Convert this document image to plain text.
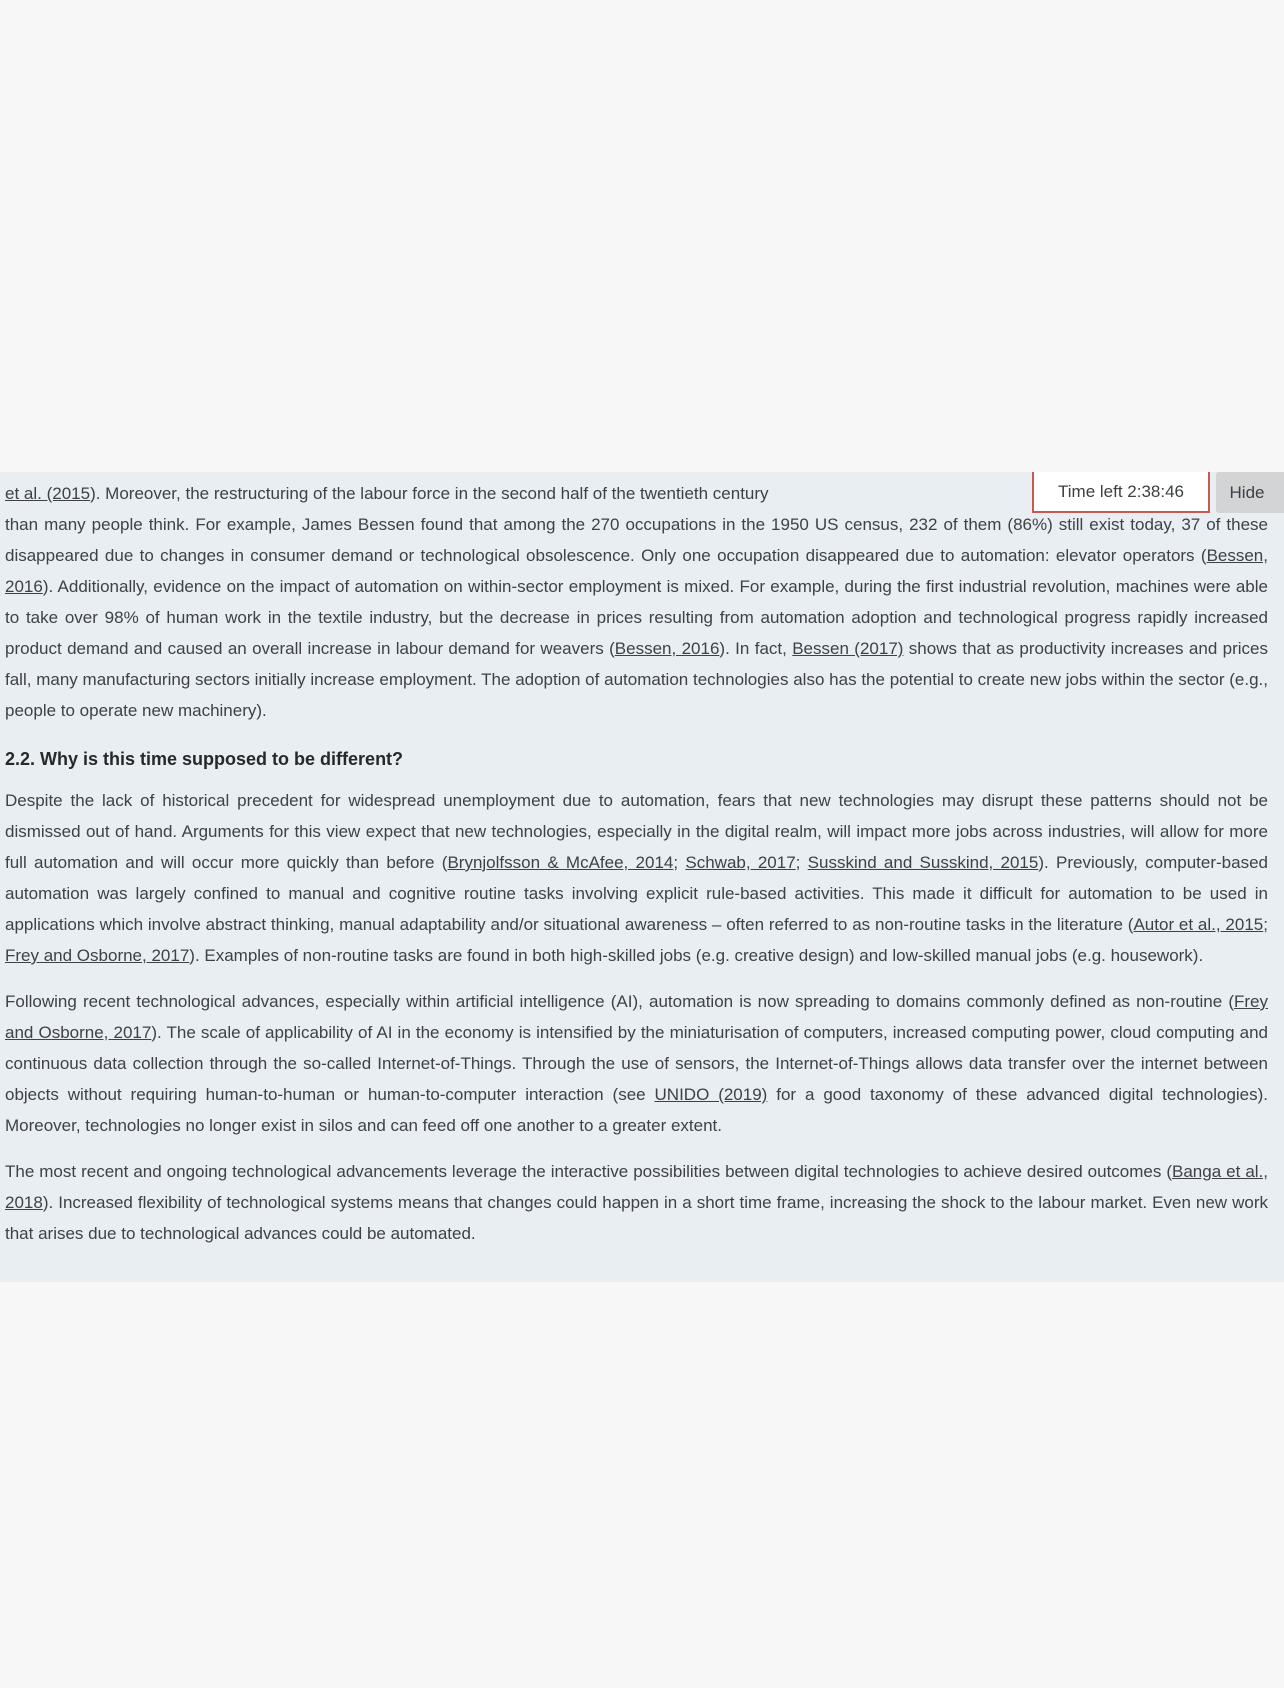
et al. (2015). Moreover, the restructuring of the labour force in the second half of the twentieth century

than many people think. For example, James Bessen found that among the 270 occupations in the 1950 US census, 232 of them (86%) still exist today, 37 of these disappeared due to changes in consumer demand or technological obsolescence. Only one occupation disappeared due to automation: elevator operators (Bessen, 2016). Additionally, evidence on the impact of automation on within-sector employment is mixed. For example, during the first industrial revolution, machines were able to take over 98% of human work in the textile industry, but the decrease in prices resulting from automation adoption and technological progress rapidly increased product demand and caused an overall increase in labour demand for weavers (Bessen, 2016). In fact, Bessen (2017) shows that as productivity increases and prices fall, many manufacturing sectors initially increase employment. The adoption of automation technologies also has the potential to create new jobs within the sector (e.g., people to operate new machinery).

2.2. Why is this time supposed to be different?

Despite the lack of historical precedent for widespread unemployment due to automation, fears that new technologies may disrupt these patterns should not be dismissed out of hand. Arguments for this view expect that new technologies, especially in the digital realm, will impact more jobs across industries, will allow for more full automation and will occur more quickly than before (Brynjolfsson & McAfee, 2014; Schwab, 2017; Susskind and Susskind, 2015). Previously, computer-based automation was largely confined to manual and cognitive routine tasks involving explicit rule-based activities. This made it difficult for automation to be used in applications which involve abstract thinking, manual adaptability and/or situational awareness – often referred to as non-routine tasks in the literature (Autor et al., 2015; Frey and Osborne, 2017). Examples of non-routine tasks are found in both high-skilled jobs (e.g. creative design) and low-skilled manual jobs (e.g. housework).

Following recent technological advances, especially within artificial intelligence (AI), automation is now spreading to domains commonly defined as non-routine (Frey and Osborne, 2017). The scale of applicability of AI in the economy is intensified by the miniaturisation of computers, increased computing power, cloud computing and continuous data collection through the so-called Internet-of-Things. Through the use of sensors, the Internet-of-Things allows data transfer over the internet between objects without requiring human-to-human or human-to-computer interaction (see UNIDO (2019) for a good taxonomy of these advanced digital technologies). Moreover, technologies no longer exist in silos and can feed off one another to a greater extent.

The most recent and ongoing technological advancements leverage the interactive possibilities between digital technologies to achieve desired outcomes (Banga et al., 2018). Increased flexibility of technological systems means that changes could happen in a short time frame, increasing the shock to the labour market. Even new work that arises due to technological advances could be automated.

Time left 2:38:46	Hide
